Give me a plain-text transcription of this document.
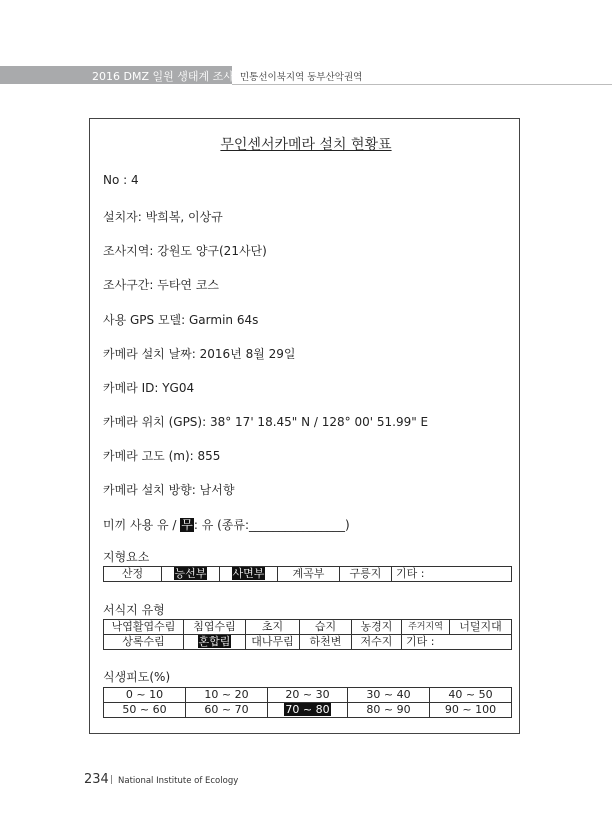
2016 DMZ 일원 생태계 조사 민통선이북지역 동부산악권역
무인센서카메라 설치 현황표
No : 4
설치자: 박희복, 이상규
조사지역: 강원도 양구(21사단)
조사구간: 두타연 코스
사용 GPS 모델: Garmin 64s
카메라 설치 날짜: 2016년 8월 29일
카메라 ID: YG04
카메라 위치 (GPS): 38° 17' 18.45" N / 128° 00' 51.99" E
카메라 고도 (m): 855
카메라 설치 방향: 남서향
미끼 사용 유 / 무: 유 (종류:________________)
지형요소
산정	능선부	사면부	계곡부	구릉지	기타 :
서식지 유형
낙엽활엽수림	침엽수림	초지	습지	농경지	주거지역	너덜지대
상록수림	혼합림	대나무림	하천변	저수지	기타 :	
식생피도(%)
0 ~ 10	10 ~ 20	20 ~ 30	30 ~ 40	40 ~ 50
50 ~ 60	60 ~ 70	70 ~ 80	80 ~ 90	90 ~ 100
234 | National Institute of Ecology
